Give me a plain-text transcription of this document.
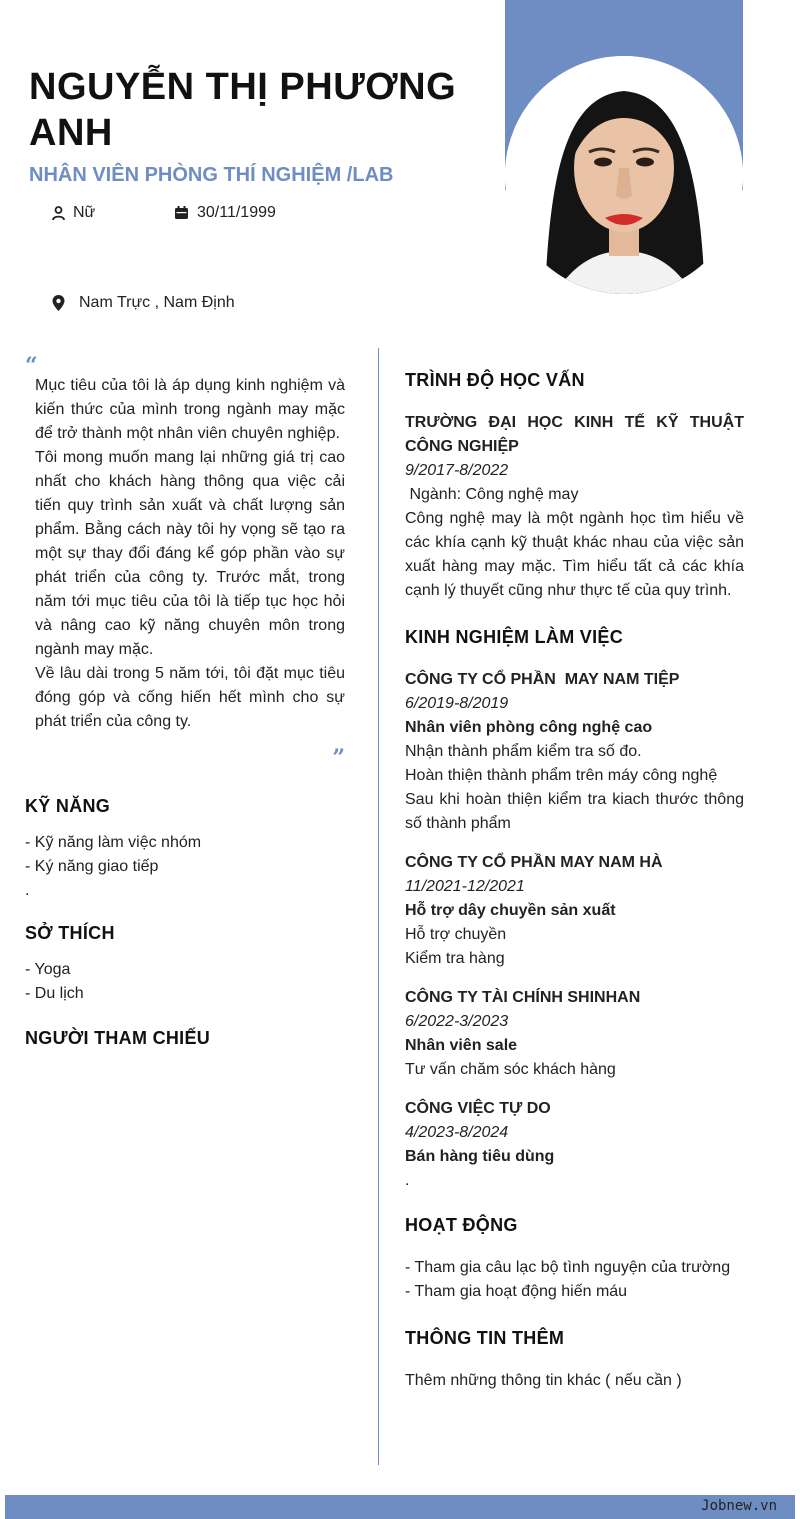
NGUYỄN THỊ PHƯƠNG ANH
NHÂN VIÊN PHÒNG THÍ NGHIỆM /LAB
Nữ	30/11/1999
Nam Trực , Nam Định
“

Mục tiêu của tôi là áp dụng kinh nghiệm và kiến thức của mình trong ngành may mặc để trở thành một nhân viên chuyên nghiệp.

Tôi mong muốn mang lại những giá trị cao nhất cho khách hàng thông qua việc cải tiến quy trình sản xuất và chất lượng sản phẩm. Bằng cách này tôi hy vọng sẽ tạo ra một sự thay đổi đáng kể góp phần vào sự phát triển của công ty. Trước mắt, trong năm tới mục tiêu của tôi là tiếp tục học hỏi và nâng cao kỹ năng chuyên môn trong ngành may mặc.

Về lâu dài trong 5 năm tới, tôi đặt mục tiêu đóng góp và cống hiến hết mình cho sự phát triển của công ty.

”
KỸ NĂNG
- Kỹ năng làm việc nhóm
- Ký năng giao tiếp
.
SỞ THÍCH
- Yoga
- Du lịch
NGƯỜI THAM CHIẾU
TRÌNH ĐỘ HỌC VẤN
TRƯỜNG ĐẠI HỌC KINH TẾ KỸ THUẬT CÔNG NGHIỆP
9/2017-8/2022
Ngành: Công nghệ may
Công nghệ may là một ngành học tìm hiểu về các khía cạnh kỹ thuật khác nhau của việc sản xuất hàng may mặc. Tìm hiểu tất cả các khía cạnh lý thuyết cũng như thực tế của quy trình.
KINH NGHIỆM LÀM VIỆC
CÔNG TY CỔ PHẦN  MAY NAM TIỆP
6/2019-8/2019
Nhân viên phòng công nghệ cao
Nhận thành phẩm kiểm tra số đo.
Hoàn thiện thành phẩm trên máy công nghệ
Sau khi hoàn thiện kiểm tra kiach thước thông số thành phẩm
CÔNG TY CỔ PHẦN MAY NAM HÀ
11/2021-12/2021
Hỗ trợ dây chuyền sản xuất
Hỗ trợ chuyền
Kiểm tra hàng
CÔNG TY TÀI CHÍNH SHINHAN
6/2022-3/2023
Nhân viên sale
Tư vấn chăm sóc khách hàng
CÔNG VIỆC TỰ DO
4/2023-8/2024
Bán hàng tiêu dùng
.
HOẠT ĐỘNG
- Tham gia câu lạc bộ tình nguyện của trường
- Tham gia hoạt động hiến máu
THÔNG TIN THÊM
Thêm những thông tin khác ( nếu cần )
Jobnew.vn
